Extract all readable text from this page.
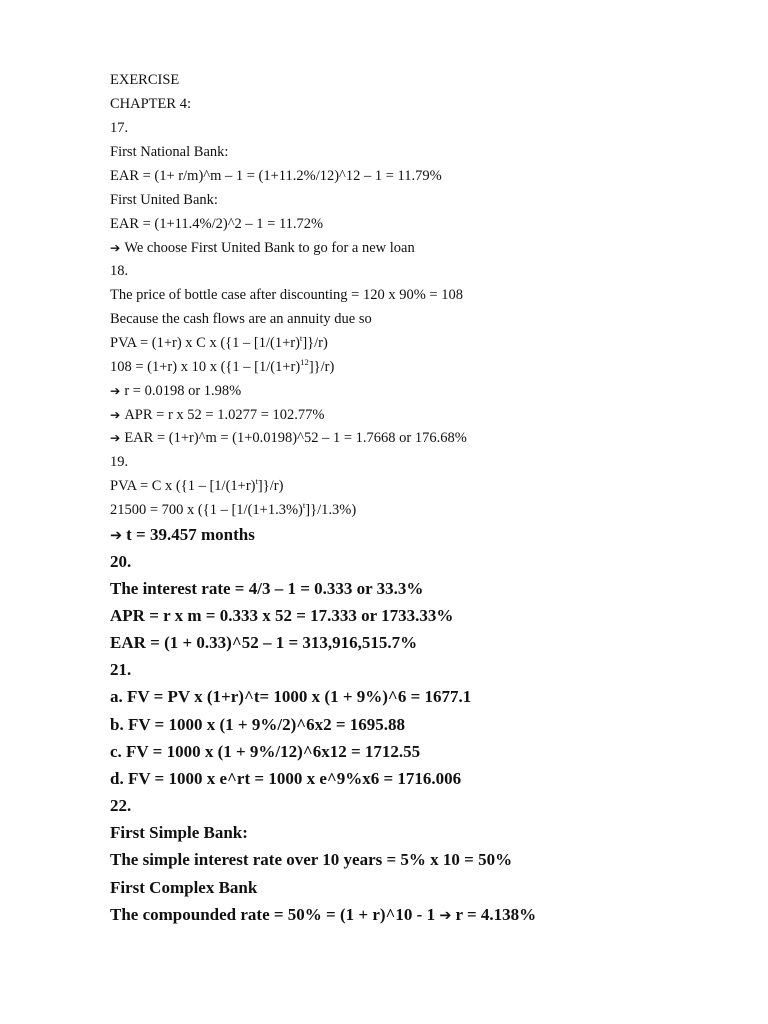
EXERCISE
CHAPTER 4:
17.
First National Bank:
EAR = (1+ r/m)^m – 1 = (1+11.2%/12)^12 – 1 = 11.79%
First United Bank:
EAR = (1+11.4%/2)^2 – 1 = 11.72%
➔ We choose First United Bank to go for a new loan
18.
The price of bottle case after discounting = 120 x 90% = 108
Because the cash flows are an annuity due so
PVA = (1+r) x C x $(\{1 - [1/(1+r)^t]\}/r)$
108 = (1+r) x 10 x $(\{1 - [1/(1+r)^{12}]\}/r)$
➔ r = 0.0198 or 1.98%
➔ APR = r x 52 = 1.0277 = 102.77%
➔ EAR = (1+r)^m = (1+0.0198)^52 – 1 = 1.7668 or 176.68%
19.
PVA = C x $(\{1 - [1/(1+r)^t]\}/r)$
21500 = 700 x $(\{1 - [1/(1+1.3\%)^t]\}/1.3\%)$
➔ t = 39.457 months
20.
The interest rate = 4/3 – 1 = 0.333 or 33.3%
APR = r x m = 0.333 x 52 = 17.333 or 1733.33%
EAR = (1 + 0.33)^52 – 1 = 313,916,515.7%
21.
a. FV = PV x (1+r)^t= 1000 x (1 + 9%)^6 = 1677.1
b. FV = 1000 x (1 + 9%/2)^6x2 = 1695.88
c. FV = 1000 x (1 + 9%/12)^6x12 = 1712.55
d. FV = 1000 x e^rt = 1000 x e^9%x6 = 1716.006
22.
First Simple Bank:
The simple interest rate over 10 years = 5% x 10 = 50%
First Complex Bank
The compounded rate = 50% = (1 + r)^10 - 1 ➔ r = 4.138%
